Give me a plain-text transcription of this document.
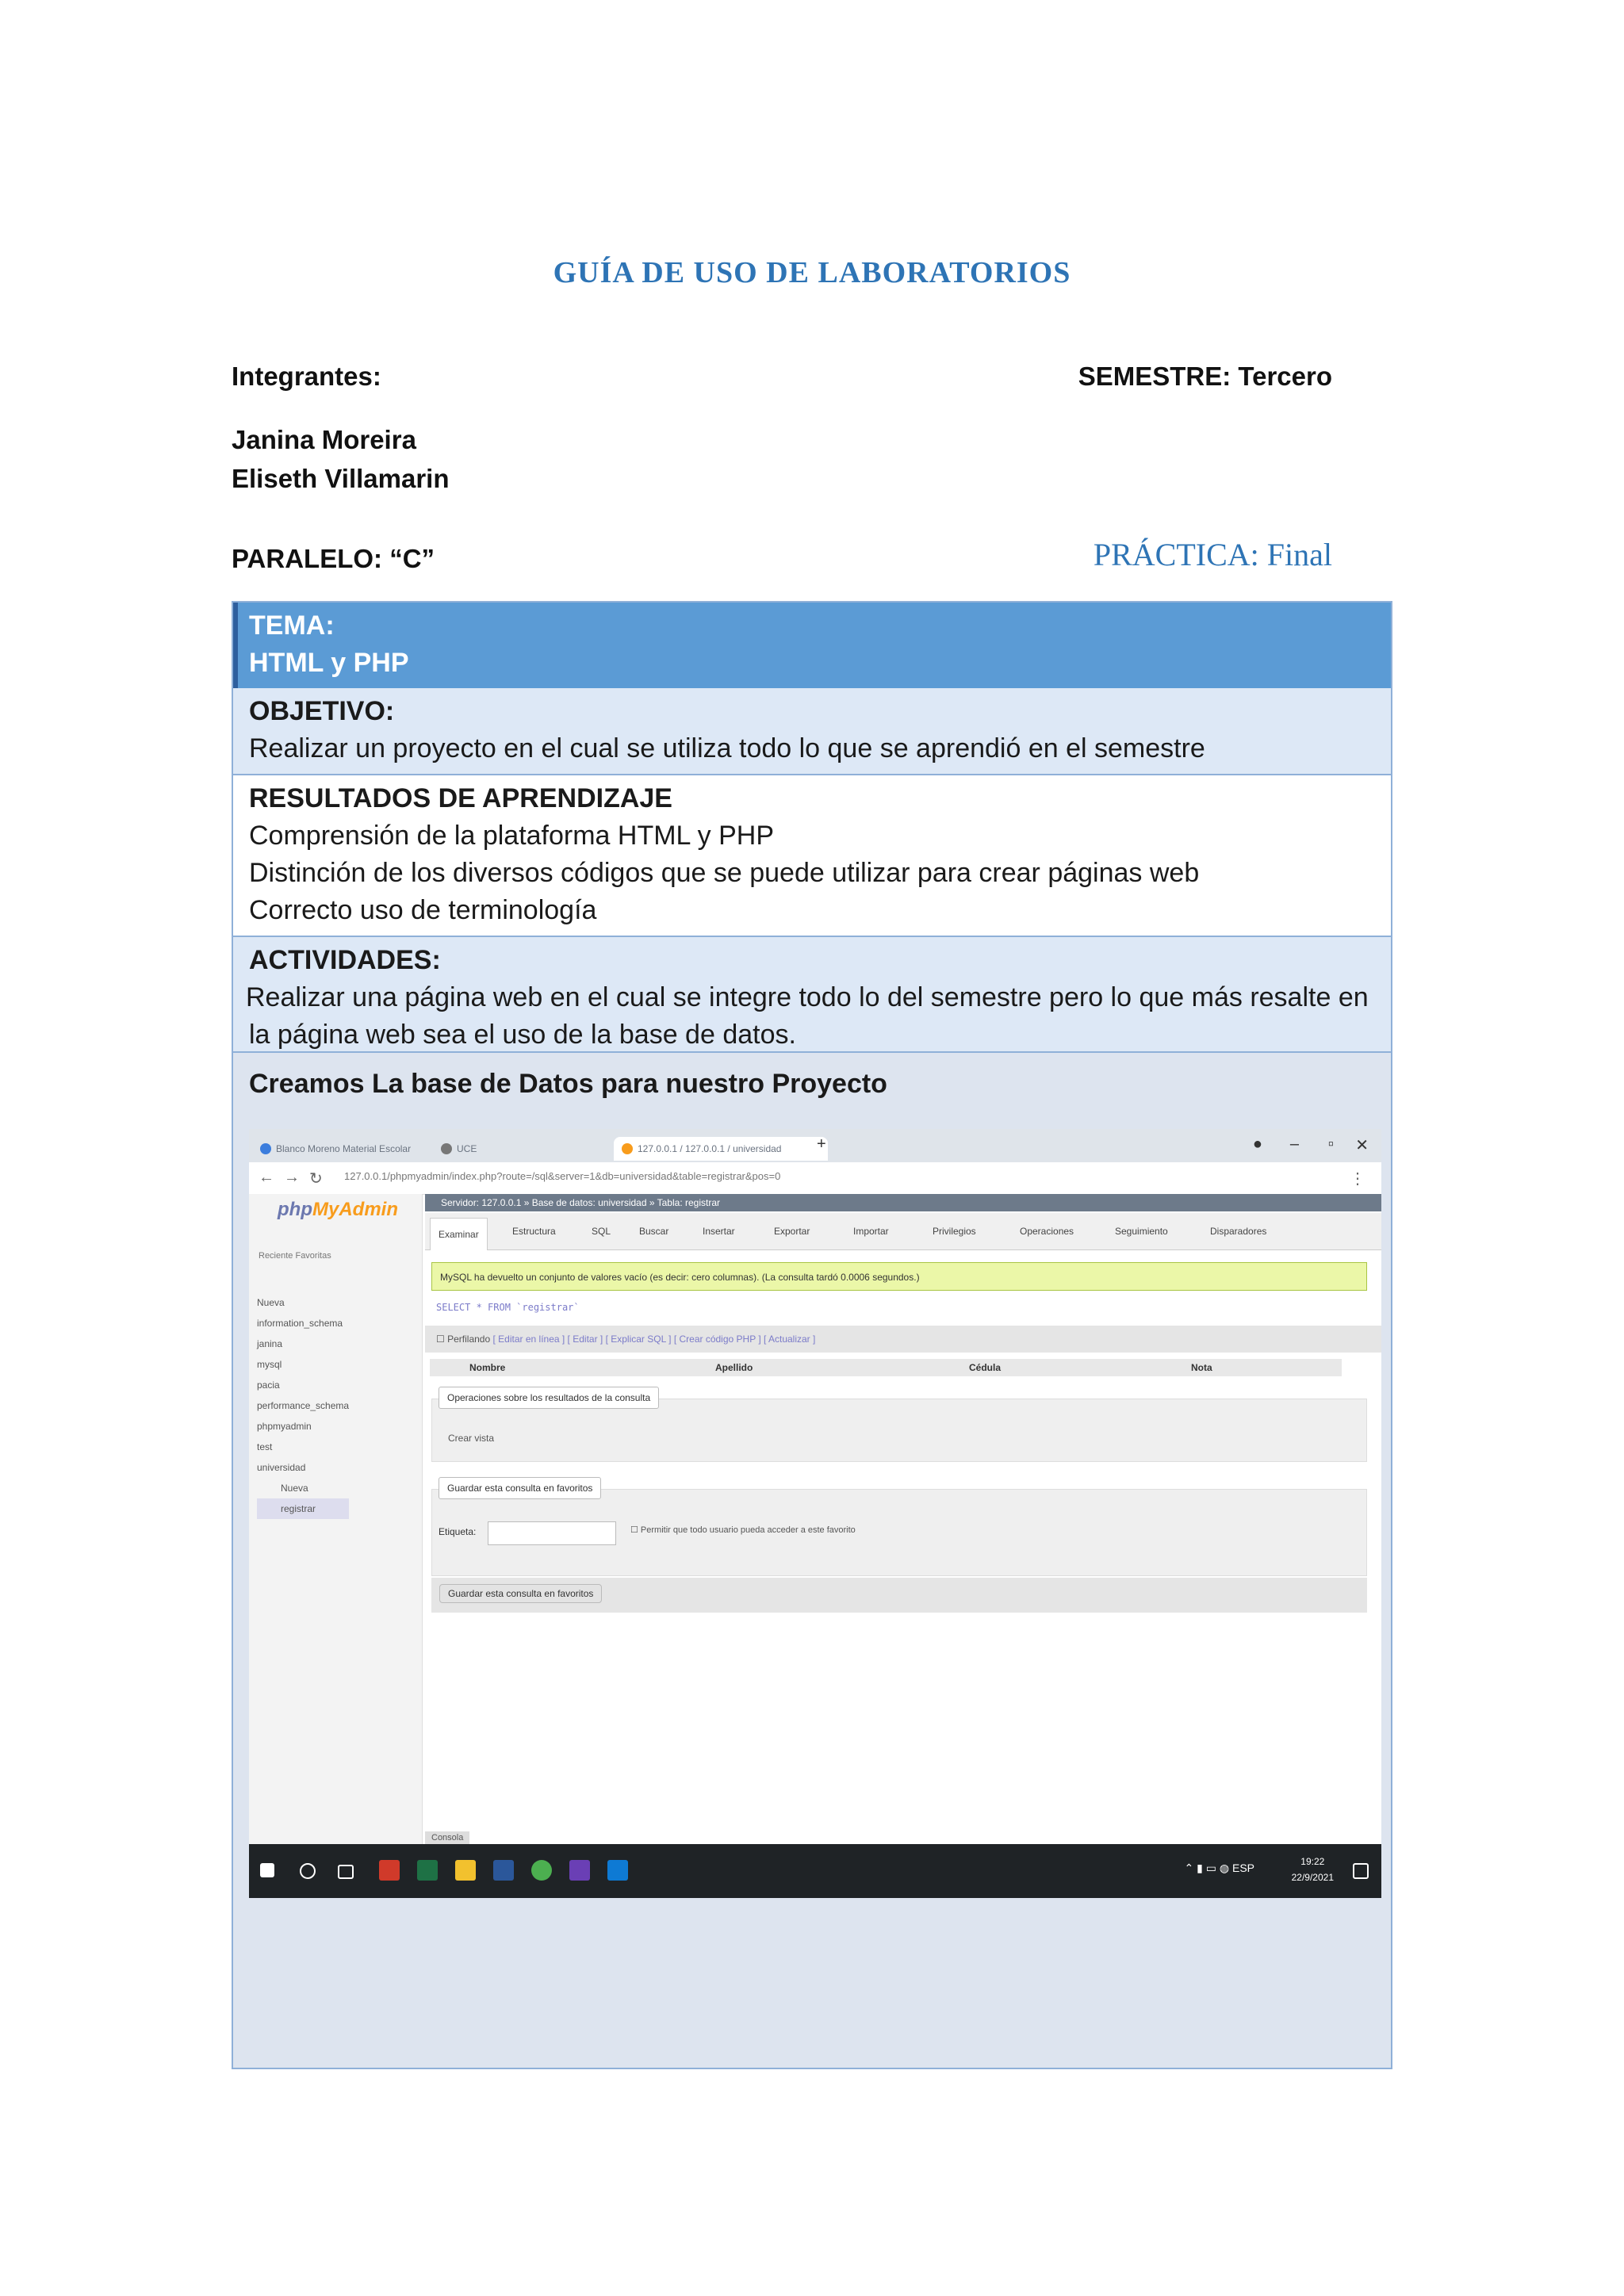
GUÍA DE USO DE LABORATORIOS
Integrantes:	SEMESTRE: Tercero
Janina Moreira
Eliseth Villamarin
PARALELO: “C”	PRÁCTICA: Final
TEMA:
HTML y PHP
OBJETIVO:
Realizar un proyecto en el cual se utiliza todo lo que se aprendió en el semestre
RESULTADOS DE APRENDIZAJE
Comprensión de la plataforma HTML y PHP
Distinción de los diversos códigos que se puede utilizar para crear páginas web
Correcto uso de terminología
ACTIVIDADES:
Realizar una página web en el cual se integre todo lo del semestre pero lo que más resalte en
la página web sea el uso de la base de datos.
Creamos La base de Datos para nuestro Proyecto
Blanco Moreno Material Escolar	UCE	127.0.0.1 / 127.0.0.1 / universidad	+	● – ▫ ✕
← → ↻ 127.0.0.1/phpmyadmin/index.php?route=/sql&server=1&db=universidad&table=registrar&pos=0	⋮
phpMyAdmin
Reciente Favoritas
Nueva
information_schema
janina
mysql
pacia
performance_schema
phpmyadmin
test
universidad
Nueva
registrar
Servidor: 127.0.0.1 » Base de datos: universidad » Tabla: registrar
Examinar	Estructura	SQL	Buscar	Insertar	Exportar	Importar	Privilegios	Operaciones	Seguimiento	Disparadores
MySQL ha devuelto un conjunto de valores vacío (es decir: cero columnas). (La consulta tardó 0.0006 segundos.)
SELECT * FROM `registrar`
☐ Perfilando [ Editar en línea ] [ Editar ] [ Explicar SQL ] [ Crear código PHP ] [ Actualizar ]
Nombre	Apellido	Cédula	Nota
Operaciones sobre los resultados de la consulta
Crear vista
Guardar esta consulta en favoritos
Etiqueta:	☐ Permitir que todo usuario pueda acceder a este favorito
Guardar esta consulta en favoritos
Consola
⌃ ▮ ▭ ◍ ESP	19:22
22/9/2021
